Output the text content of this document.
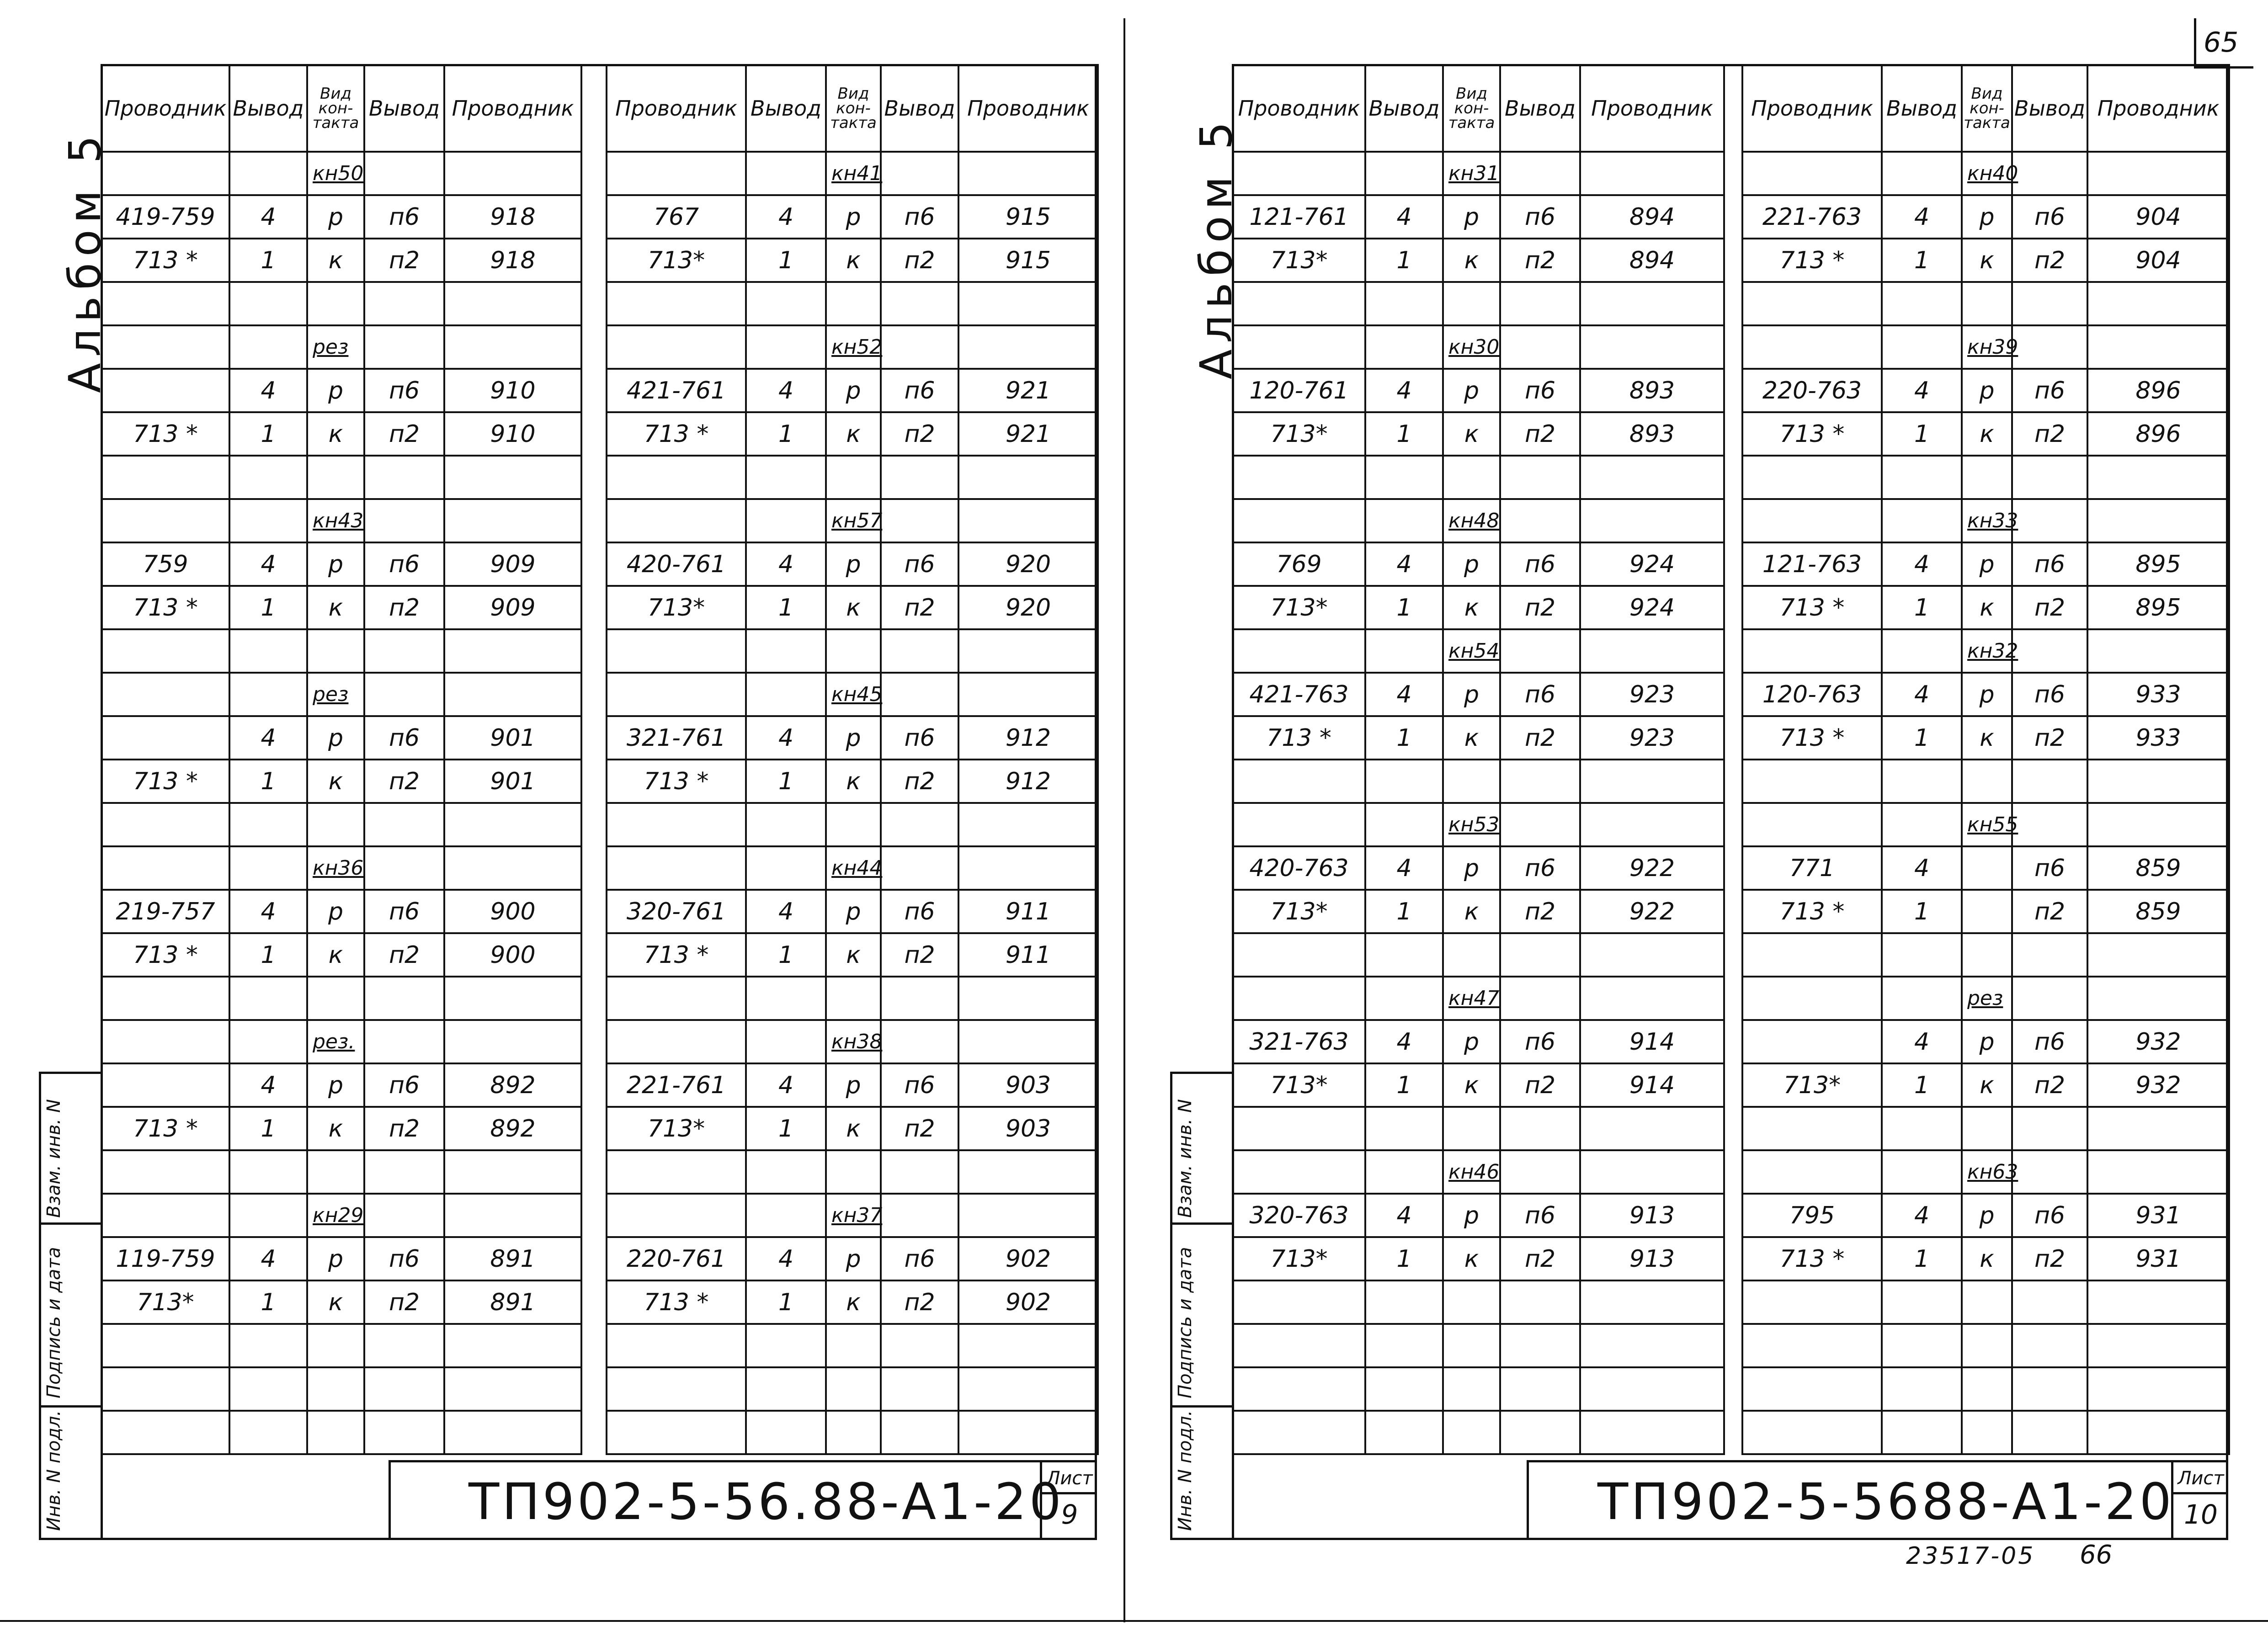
65
Альбом 5
Взам. инв. N
Подпись и дата
Инв. N подл.
Проводник	Вывод	Вид кон- такта	Вывод	Проводник
		кн50		
419-759	4	р	п6	918
713 *	1	к	п2	918

		рез		
	4	р	п6	910
713 *	1	к	п2	910

		кн43		
759	4	р	п6	909
713 *	1	к	п2	909

		рез		
	4	р	п6	901
713 *	1	к	п2	901

		кн36		
219-757	4	р	п6	900
713 *	1	к	п2	900

		рез.		
	4	р	п6	892
713 *	1	к	п2	892

		кн29		
119-759	4	р	п6	891
713*	1	к	п2	891

Проводник	Вывод	Вид кон- такта	Вывод	Проводник
		кн41		
767	4	р	п6	915
713*	1	к	п2	915

		кн52		
421-761	4	р	п6	921
713 *	1	к	п2	921

		кн57		
420-761	4	р	п6	920
713*	1	к	п2	920

		кн45		
321-761	4	р	п6	912
713 *	1	к	п2	912

		кн44		
320-761	4	р	п6	911
713 *	1	к	п2	911

		кн38		
221-761	4	р	п6	903
713*	1	к	п2	903

		кн37		
220-761	4	р	п6	902
713 *	1	к	п2	902

ТП902-5-56.88-А1-20
Лист
9
Альбом 5
Взам. инв. N
Подпись и дата
Инв. N подл.
Проводник	Вывод	Вид кон- такта	Вывод	Проводник
		кн31		
121-761	4	р	п6	894
713*	1	к	п2	894

		кн30		
120-761	4	р	п6	893
713*	1	к	п2	893

		кн48		
769	4	р	п6	924
713*	1	к	п2	924
		кн54		
421-763	4	р	п6	923
713 *	1	к	п2	923

		кн53		
420-763	4	р	п6	922
713*	1	к	п2	922

		кн47		
321-763	4	р	п6	914
713*	1	к	п2	914

		кн46		
320-763	4	р	п6	913
713*	1	к	п2	913

Проводник	Вывод	Вид кон- такта	Вывод	Проводник
		кн40		
221-763	4	р	п6	904
713 *	1	к	п2	904

		кн39		
220-763	4	р	п6	896
713 *	1	к	п2	896

		кн33		
121-763	4	р	п6	895
713 *	1	к	п2	895
		кн32		
120-763	4	р	п6	933
713 *	1	к	п2	933

		кн55		
771	4		п6	859
713 *	1		п2	859

		рез		
	4	р	п6	932
713*	1	к	п2	932

		кн63		
795	4	р	п6	931
713 *	1	к	п2	931

ТП902-5-5688-А1-20 Лист
10
23517-05 66
